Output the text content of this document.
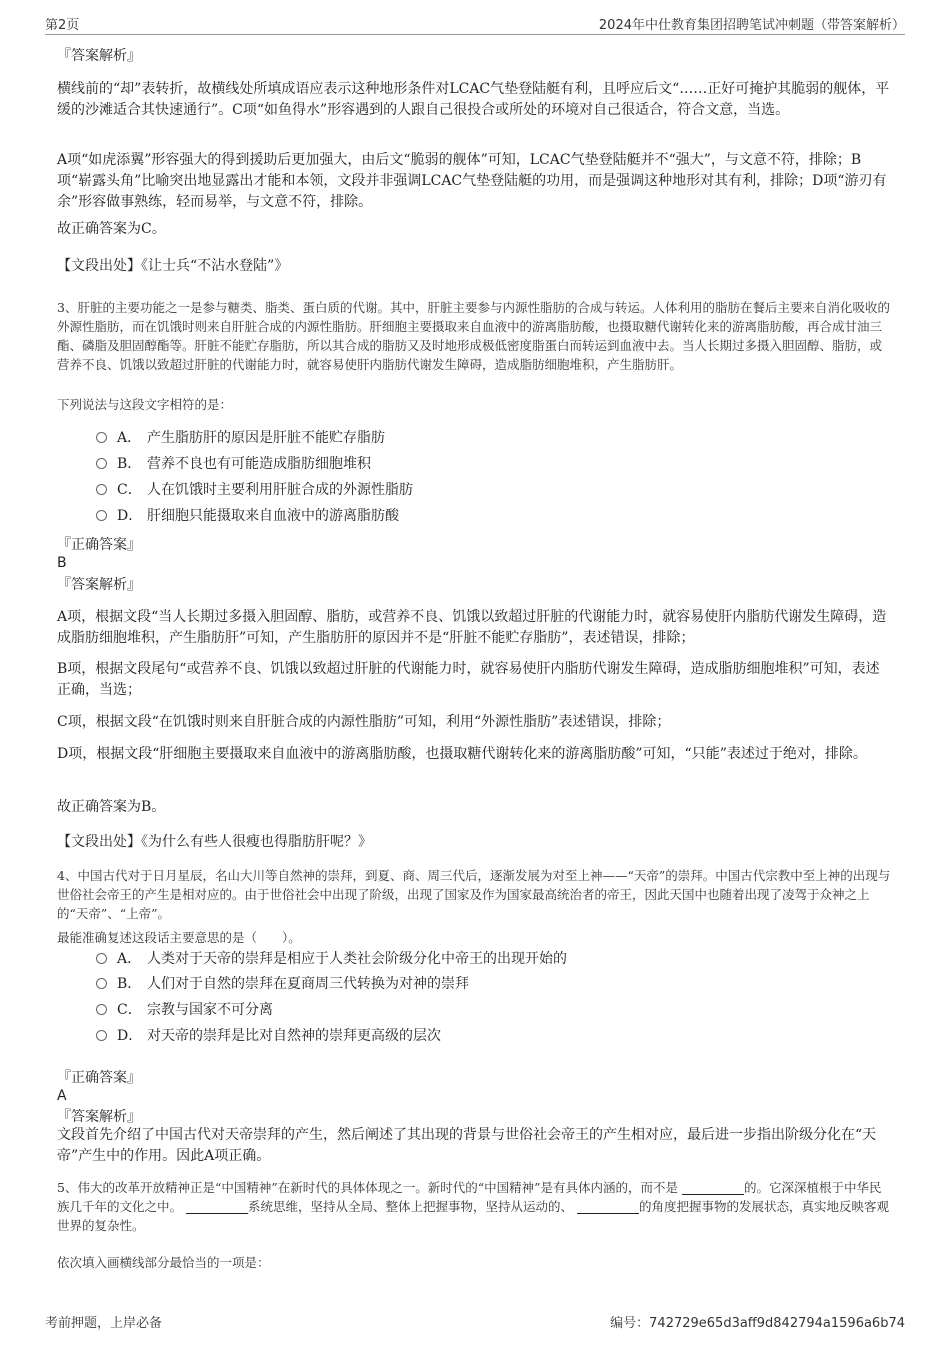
第2页	2024年中仕教育集团招聘笔试冲刺题（带答案解析）
『答案解析』
横线前的“却”表转折，故横线处所填成语应表示这种地形条件对LCAC气垫登陆艇有利，且呼应后文“……正好可掩护其脆弱的舰体，平缓的沙滩适合其快速通行”。C项“如鱼得水”形容遇到的人跟自己很投合或所处的环境对自己很适合，符合文意，当选。
A项“如虎添翼”形容强大的得到援助后更加强大，由后文“脆弱的舰体”可知，LCAC气垫登陆艇并不“强大”，与文意不符，排除；B项“崭露头角”比喻突出地显露出才能和本领，文段并非强调LCAC气垫登陆艇的功用，而是强调这种地形对其有利，排除；D项“游刃有余”形容做事熟练，轻而易举，与文意不符，排除。
故正确答案为C。
【文段出处】《让士兵“不沾水登陆”》
3、肝脏的主要功能之一是参与糖类、脂类、蛋白质的代谢。其中，肝脏主要参与内源性脂肪的合成与转运。人体利用的脂肪在餐后主要来自消化吸收的外源性脂肪，而在饥饿时则来自肝脏合成的内源性脂肪。肝细胞主要摄取来自血液中的游离脂肪酸，也摄取糖代谢转化来的游离脂肪酸，再合成甘油三酯、磷脂及胆固醇酯等。肝脏不能贮存脂肪，所以其合成的脂肪又及时地形成极低密度脂蛋白而转运到血液中去。当人长期过多摄入胆固醇、脂肪，或营养不良、饥饿以致超过肝脏的代谢能力时，就容易使肝内脂肪代谢发生障碍，造成脂肪细胞堆积，产生脂肪肝。
下列说法与这段文字相符的是：
A． 产生脂肪肝的原因是肝脏不能贮存脂肪
B． 营养不良也有可能造成脂肪细胞堆积
C． 人在饥饿时主要利用肝脏合成的外源性脂肪
D． 肝细胞只能摄取来自血液中的游离脂肪酸
『正确答案』
B
『答案解析』
A项，根据文段“当人长期过多摄入胆固醇、脂肪，或营养不良、饥饿以致超过肝脏的代谢能力时，就容易使肝内脂肪代谢发生障碍，造成脂肪细胞堆积，产生脂肪肝”可知，产生脂肪肝的原因并不是“肝脏不能贮存脂肪”，表述错误，排除；
B项，根据文段尾句“或营养不良、饥饿以致超过肝脏的代谢能力时，就容易使肝内脂肪代谢发生障碍，造成脂肪细胞堆积”可知，表述正确，当选；
C项，根据文段“在饥饿时则来自肝脏合成的内源性脂肪”可知，利用“外源性脂肪”表述错误，排除；
D项，根据文段“肝细胞主要摄取来自血液中的游离脂肪酸，也摄取糖代谢转化来的游离脂肪酸”可知，“只能”表述过于绝对，排除。
故正确答案为B。
【文段出处】《为什么有些人很瘦也得脂肪肝呢？》
4、中国古代对于日月星辰，名山大川等自然神的崇拜，到夏、商、周三代后，逐渐发展为对至上神——“天帝”的崇拜。中国古代宗教中至上神的出现与世俗社会帝王的产生是相对应的。由于世俗社会中出现了阶级，出现了国家及作为国家最高统治者的帝王，因此天国中也随着出现了凌驾于众神之上的“天帝”、“上帝”。
最能准确复述这段话主要意思的是（　　）。
A． 人类对于天帝的崇拜是相应于人类社会阶级分化中帝王的出现开始的
B． 人们对于自然的崇拜在夏商周三代转换为对神的崇拜
C． 宗教与国家不可分离
D． 对天帝的崇拜是比对自然神的崇拜更高级的层次
『正确答案』
A
『答案解析』
文段首先介绍了中国古代对天帝崇拜的产生，然后阐述了其出现的背景与世俗社会帝王的产生相对应，最后进一步指出阶级分化在“天帝”产生中的作用。因此A项正确。
5、伟大的改革开放精神正是“中国精神”在新时代的具体体现之一。新时代的“中国精神”是有具体内涵的，而不是	的。它深深植根于中华民族几千年的文化之中。	系统思维，坚持从全局、整体上把握事物，坚持从运动的、	的角度把握事物的发展状态，真实地反映客观世界的复杂性。
依次填入画横线部分最恰当的一项是：
考前押题，上岸必备	编号：742729e65d3aff9d842794a1596a6b74
